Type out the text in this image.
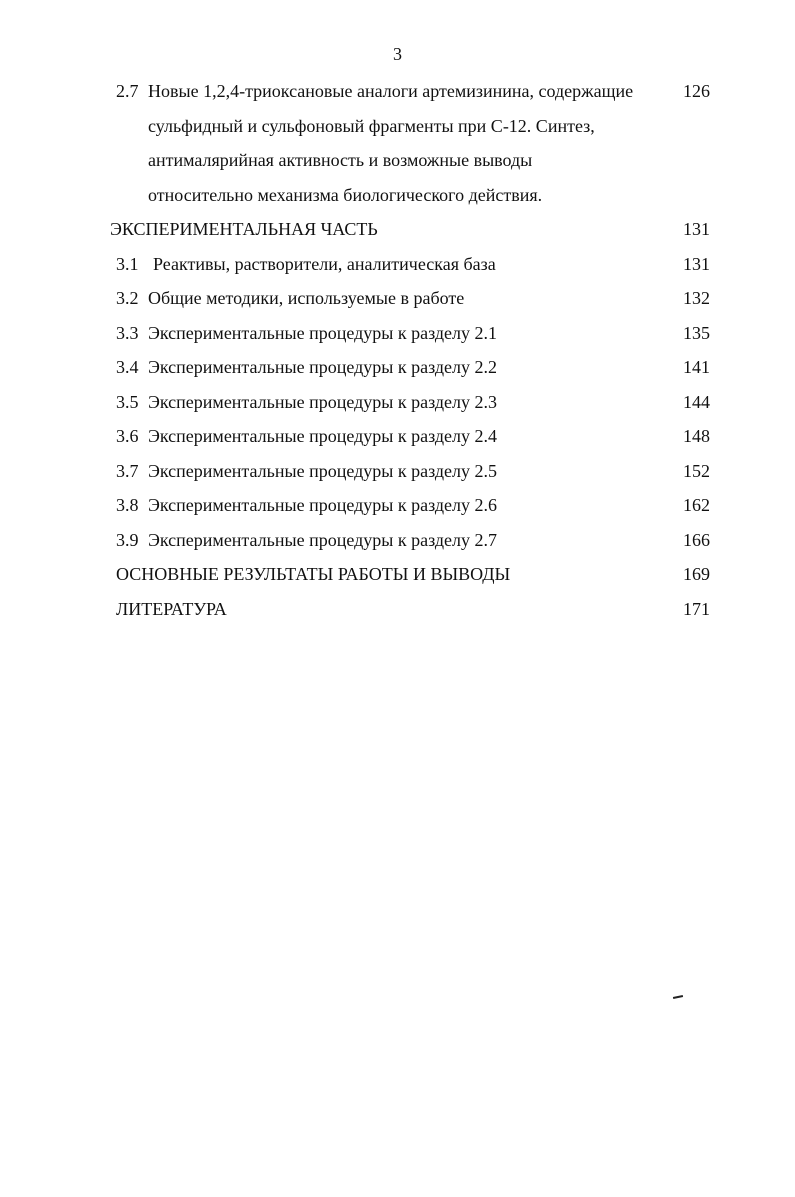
3
2.7 Новые 1,2,4-триоксановые аналоги артемизинина, содержащие	126
сульфидный и сульфоновый фрагменты при С-12. Синтез,
антималярийная активность и возможные выводы
относительно механизма биологического действия.
ЭКСПЕРИМЕНТАЛЬНАЯ ЧАСТЬ	131
3.1 Реактивы, растворители, аналитическая база	131
3.2 Общие методики, используемые в работе	132
3.3 Экспериментальные процедуры к разделу 2.1	135
3.4 Экспериментальные процедуры к разделу 2.2	141
3.5 Экспериментальные процедуры к разделу 2.3	144
3.6 Экспериментальные процедуры к разделу 2.4	148
3.7 Экспериментальные процедуры к разделу 2.5	152
3.8 Экспериментальные процедуры к разделу 2.6	162
3.9 Экспериментальные процедуры к разделу 2.7	166
ОСНОВНЫЕ РЕЗУЛЬТАТЫ РАБОТЫ И ВЫВОДЫ	169
ЛИТЕРАТУРА	171
